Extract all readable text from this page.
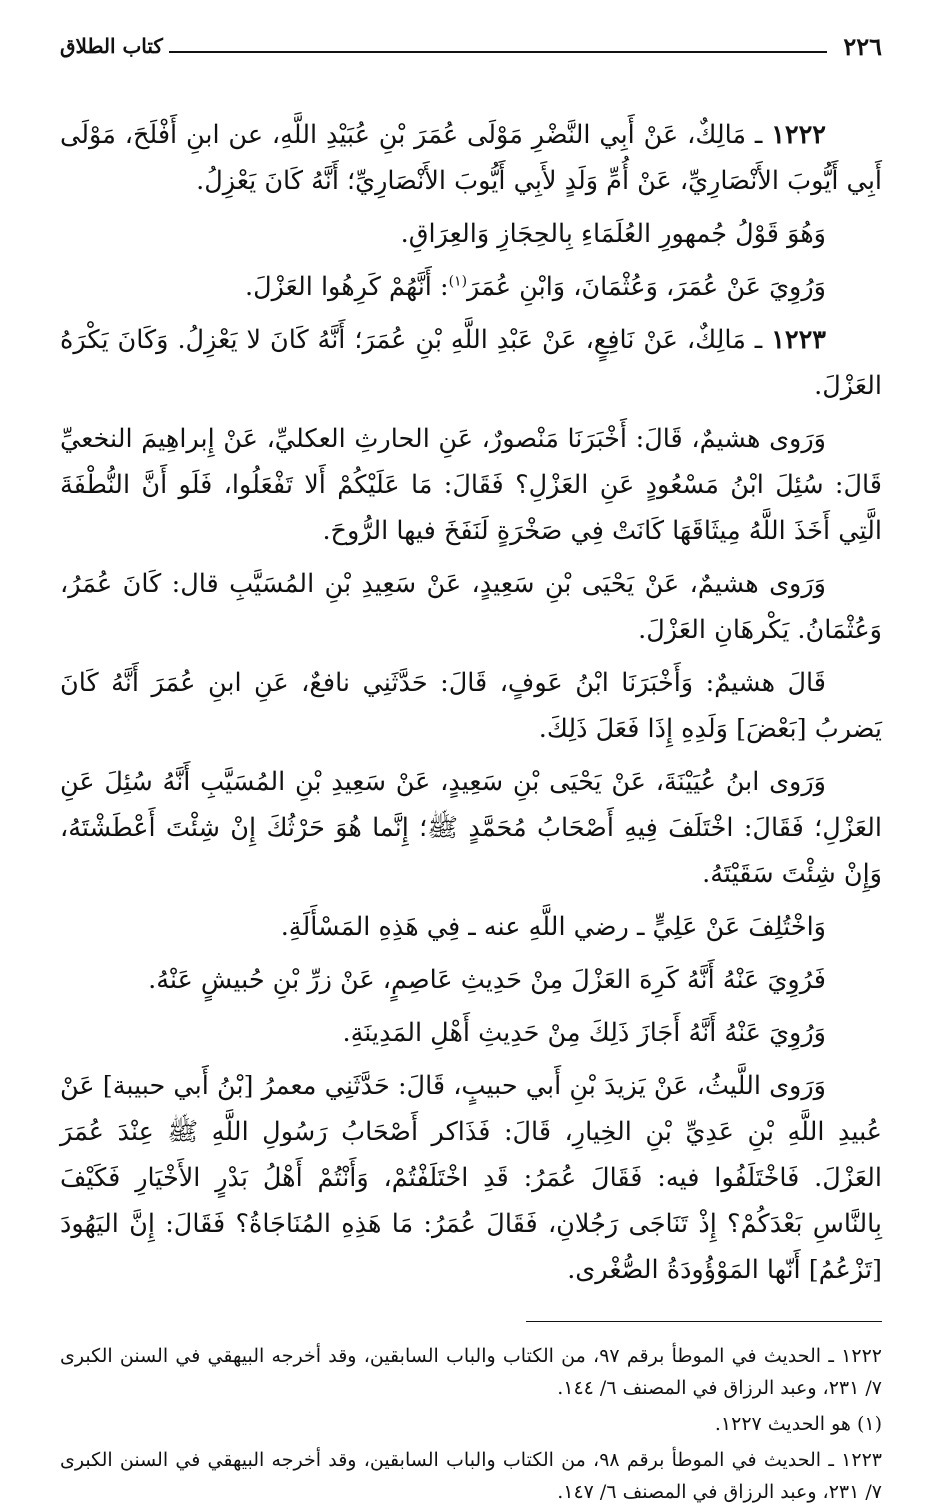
٢٢٦
كتاب الطلاق

١٢٢٢ ـ مَالِكٌ، عَنْ أَبِي النَّضْرِ مَوْلَى عُمَرَ بْنِ عُبَيْدِ اللَّهِ، عن ابنِ أَفْلَحَ، مَوْلَى أَبِي أَيُّوبَ الأَنْصَارِيِّ، عَنْ أُمِّ وَلَدٍ لأَبِي أَيُّوبَ الأَنْصَارِيِّ؛ أَنَّهُ كَانَ يَعْزِلُ.

وَهُوَ قَوْلُ جُمهورِ العُلَمَاءِ بِالحِجَازِ وَالعِرَاقِ.

وَرُوِيَ عَنْ عُمَرَ، وَعُثْمَانَ، وَابْنِ عُمَرَ$^{(١)}$: أَنَّهُمْ كَرِهُوا العَزْلَ.

١٢٢٣ ـ مَالِكٌ، عَنْ نَافِعٍ، عَنْ عَبْدِ اللَّهِ بْنِ عُمَرَ؛ أَنَّهُ كَانَ لا يَعْزِلُ. وَكَانَ يَكْرَهُ العَزْلَ.

وَرَوى هشيمٌ، قَالَ: أَخْبَرَنَا مَنْصورٌ، عَنِ الحارثِ العكليِّ، عَنْ إِبراهِيمَ النخعيِّ قَالَ: سُئِلَ ابْنُ مَسْعُودٍ عَنِ العَزْلِ؟ فَقَالَ: مَا عَلَيْكُمْ أَلا تَفْعَلُوا، فَلَو أَنَّ النُّطْفَةَ الَّتِي أَخَذَ اللَّهُ مِيثَاقَهَا كَانَتْ فِي صَخْرَةٍ لَنَفَخَ فيها الرُّوحَ.

وَرَوى هشيمٌ، عَنْ يَحْيَى بْنِ سَعِيدٍ، عَنْ سَعِيدِ بْنِ المُسَيَّبِ قال: كَانَ عُمَرُ، وَعُثْمَانُ. يَكْرهَانِ العَزْلَ.

قَالَ هشيمٌ: وَأَخْبَرَنَا ابْنُ عَوفٍ، قَالَ: حَدَّثَنِي نافعٌ، عَنِ ابنِ عُمَرَ أَنَّهُ كَانَ يَضربُ [بَعْضَ] وَلَدِهِ إِذَا فَعَلَ ذَلِكَ.

وَرَوى ابنُ عُيَيْنَةَ، عَنْ يَحْيَى بْنِ سَعِيدٍ، عَنْ سَعِيدِ بْنِ المُسَيَّبِ أَنَّهُ سُئِلَ عَنِ العَزْلِ؛ فَقَالَ: اخْتَلَفَ فِيهِ أَصْحَابُ مُحَمَّدٍ ﷺ؛ إِنَّما هُوَ حَرْثُكَ إِنْ شِئْتَ أَعْطَشْتَهُ، وَإِنْ شِئْتَ سَقَيْتَهُ.

وَاخْتُلِفَ عَنْ عَلِيٍّ ـ رضي اللَّهِ عنه ـ فِي هَذِهِ المَسْأَلَةِ.

فَرُوِيَ عَنْهُ أَنَّهُ كَرِهَ العَزْلَ مِنْ حَدِيثِ عَاصِمٍ، عَنْ زرِّ بْنِ حُبيشٍ عَنْهُ.

وَرُوِيَ عَنْهُ أَنَّهُ أَجَازَ ذَلِكَ مِنْ حَدِيثِ أَهْلِ المَدِينَةِ.

وَرَوى اللَّيثُ، عَنْ يَزيدَ بْنِ أَبي حبيبٍ، قَالَ: حَدَّثَنِي معمرُ [بْنُ أَبي حبيبة] عَنْ عُبيدِ اللَّهِ بْنِ عَدِيِّ بْنِ الخِيارِ، قَالَ: فَذَاكر أَصْحَابُ رَسُولِ اللَّهِ ﷺ عِنْدَ عُمَرَ العَزْلَ. فَاخْتَلَفُوا فيه: فَقَالَ عُمَرُ: قَدِ اخْتَلَفْتُمْ، وَأَنْتُمْ أَهْلُ بَدْرٍ الأَخْيَارِ فَكَيْفَ بِالنَّاسِ بَعْدَكُمْ؟ إِذْ تَنَاجَى رَجُلانِ، فَقَالَ عُمَرُ: مَا هَذِهِ المُنَاجَاةُ؟ فَقَالَ: إِنَّ اليَهُودَ [تَزْعُمُ] أَنّها المَوْؤُودَةُ الصُّغْرى.

١٢٢٢ ـ الحديث في الموطأ برقم ٩٧، من الكتاب والباب السابقين، وقد أخرجه البيهقي في السنن الكبرى ٧/ ٢٣١، وعبد الرزاق في المصنف ٦/ ١٤٤.

(١) هو الحديث ١٢٢٧.

١٢٢٣ ـ الحديث في الموطأ برقم ٩٨، من الكتاب والباب السابقين، وقد أخرجه البيهقي في السنن الكبرى ٧/ ٢٣١، وعبد الرزاق في المصنف ٦/ ١٤٧.
